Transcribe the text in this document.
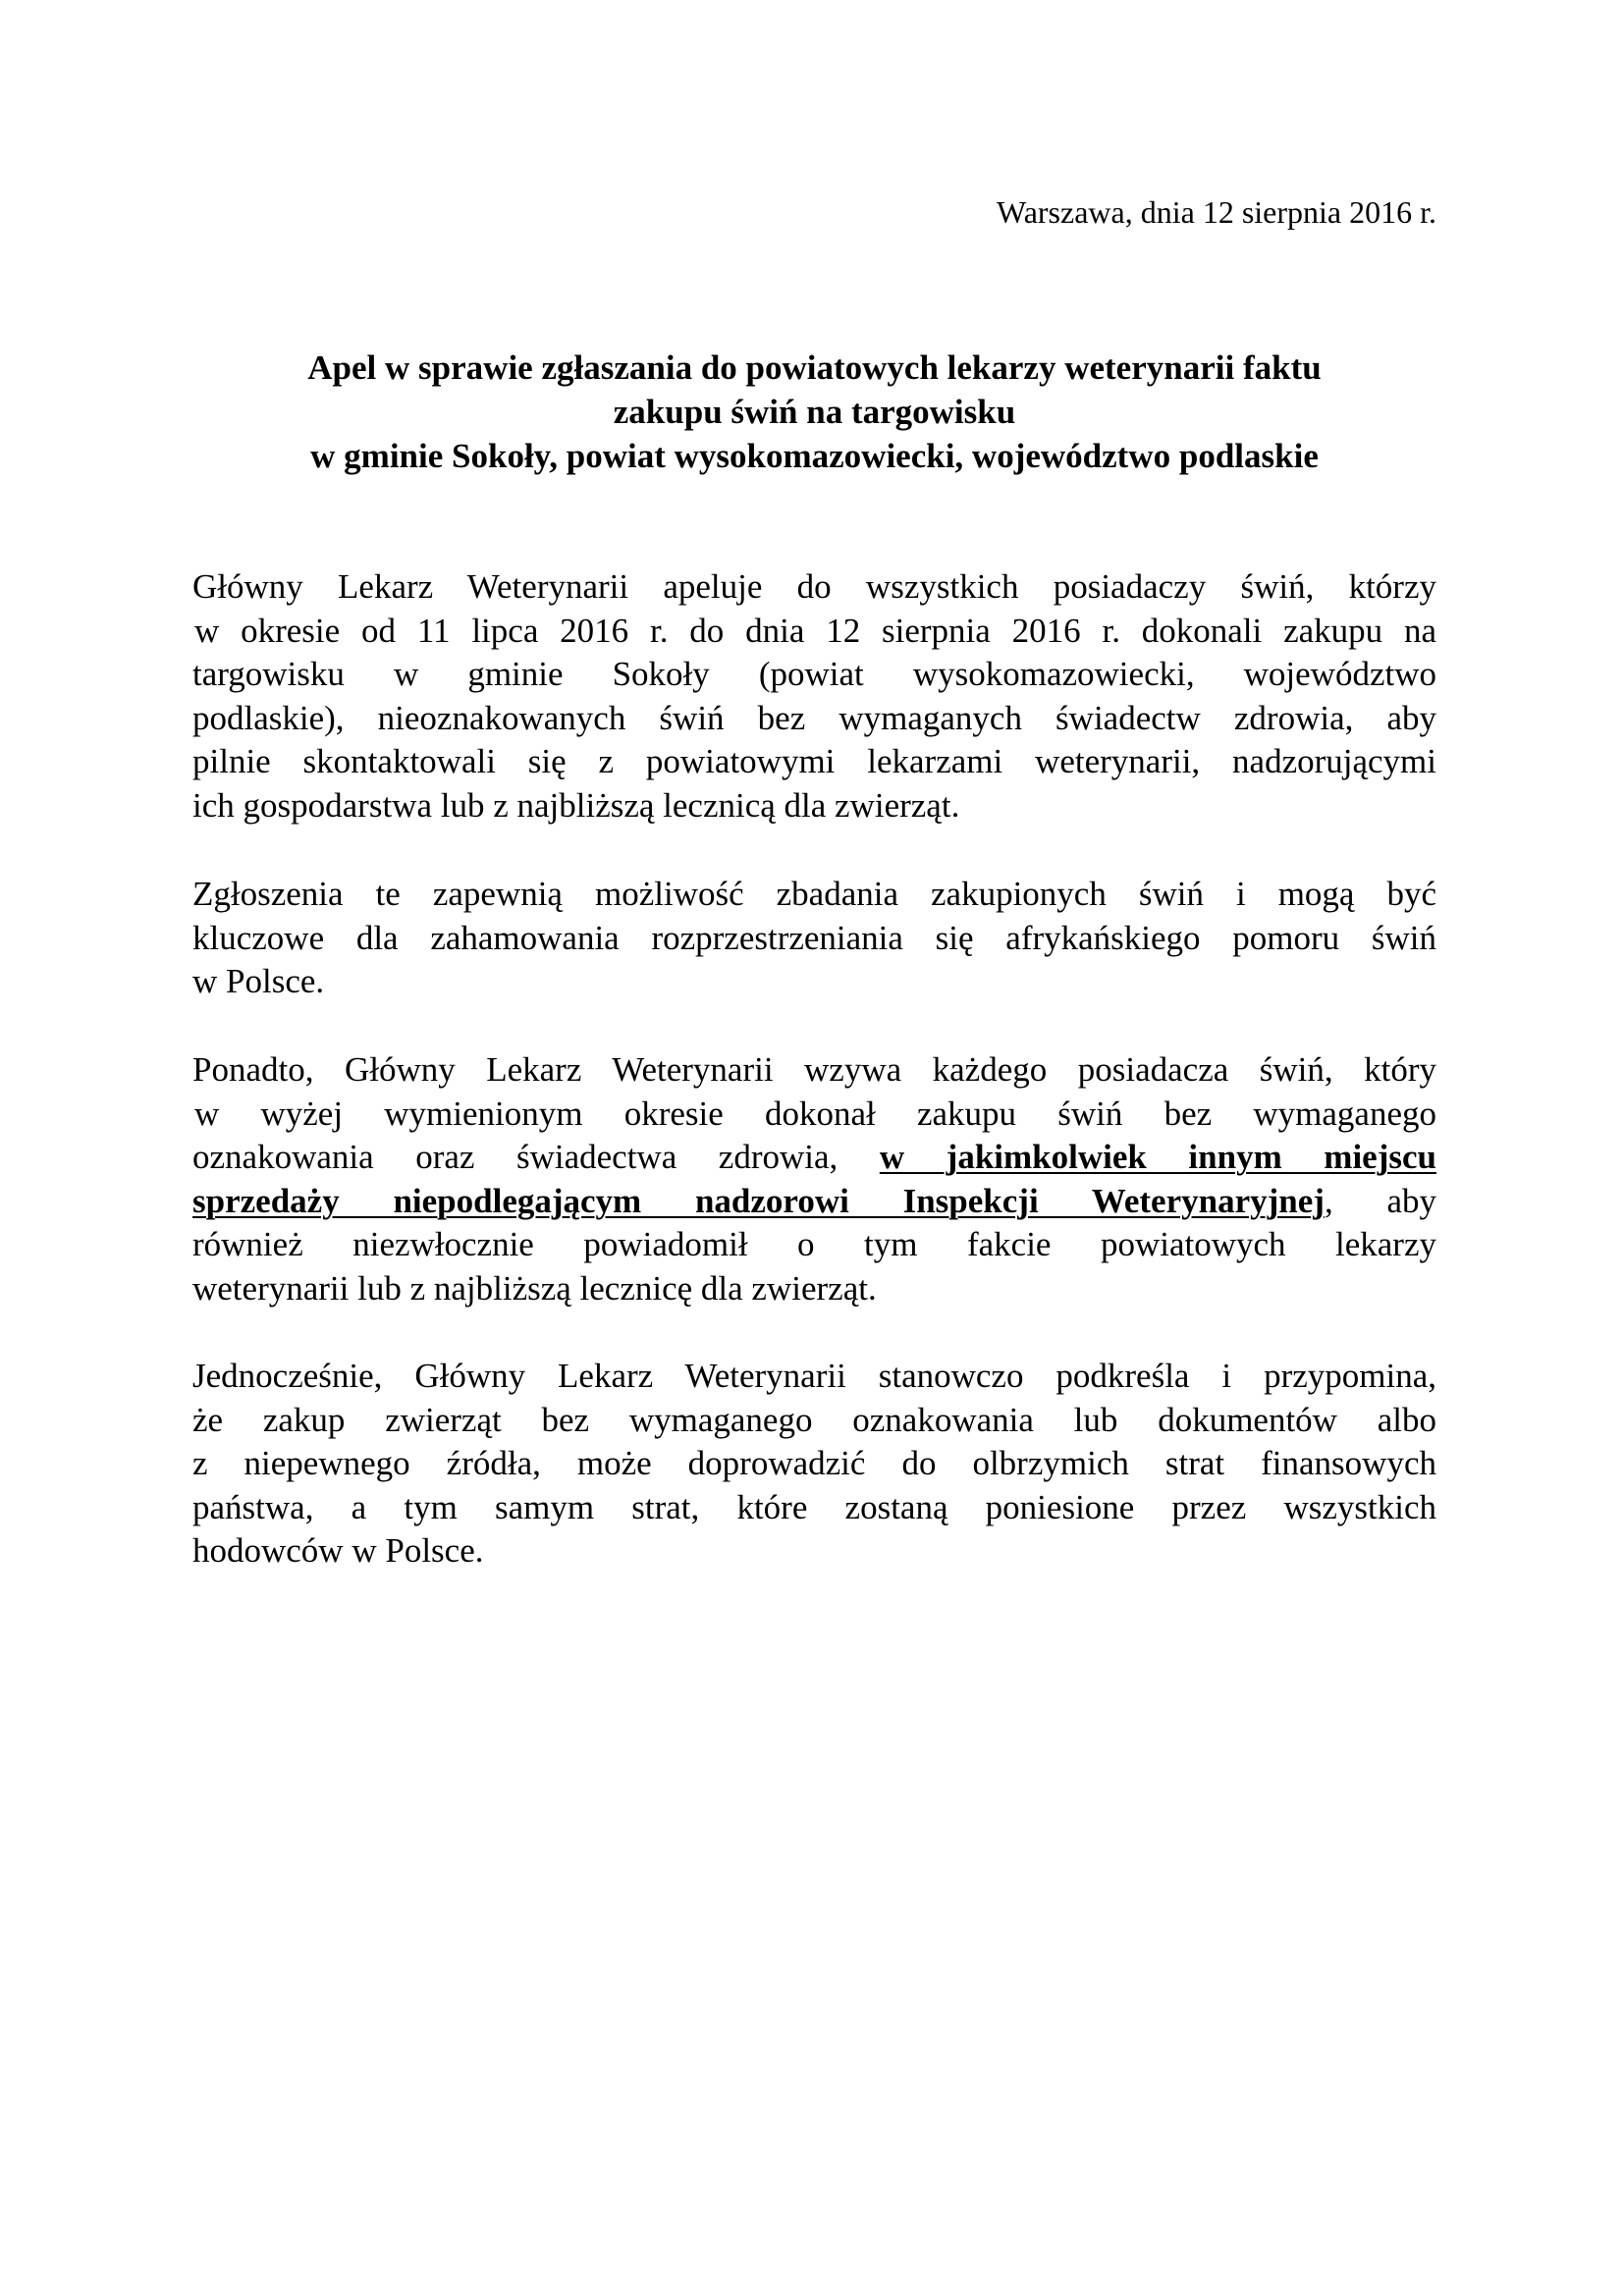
Warszawa, dnia 12 sierpnia 2016 r.
Apel w sprawie zgłaszania do powiatowych lekarzy weterynarii faktu
zakupu świń na targowisku
w gminie Sokoły, powiat wysokomazowiecki, województwo podlaskie

Główny Lekarz Weterynarii apeluje do wszystkich posiadaczy świń, którzy
w okresie od 11 lipca 2016 r. do dnia 12 sierpnia 2016 r. dokonali zakupu na
targowisku w gminie Sokoły (powiat wysokomazowiecki, województwo
podlaskie), nieoznakowanych świń bez wymaganych świadectw zdrowia, aby
pilnie skontaktowali się z powiatowymi lekarzami weterynarii, nadzorującymi
ich gospodarstwa lub z najbliższą lecznicą dla zwierząt.

Zgłoszenia te zapewnią możliwość zbadania zakupionych świń i mogą być
kluczowe dla zahamowania rozprzestrzeniania się afrykańskiego pomoru świń
w Polsce.

Ponadto, Główny Lekarz Weterynarii wzywa każdego posiadacza świń, który
w wyżej wymienionym okresie dokonał zakupu świń bez wymaganego
oznakowania oraz świadectwa zdrowia, w jakimkolwiek innym miejscu
sprzedaży niepodlegającym nadzorowi Inspekcji Weterynaryjnej, aby
również niezwłocznie powiadomił o tym fakcie powiatowych lekarzy
weterynarii lub z najbliższą lecznicę dla zwierząt.

Jednocześnie, Główny Lekarz Weterynarii stanowczo podkreśla i przypomina,
że zakup zwierząt bez wymaganego oznakowania lub dokumentów albo
z niepewnego źródła, może doprowadzić do olbrzymich strat finansowych
państwa, a tym samym strat, które zostaną poniesione przez wszystkich
hodowców w Polsce.
